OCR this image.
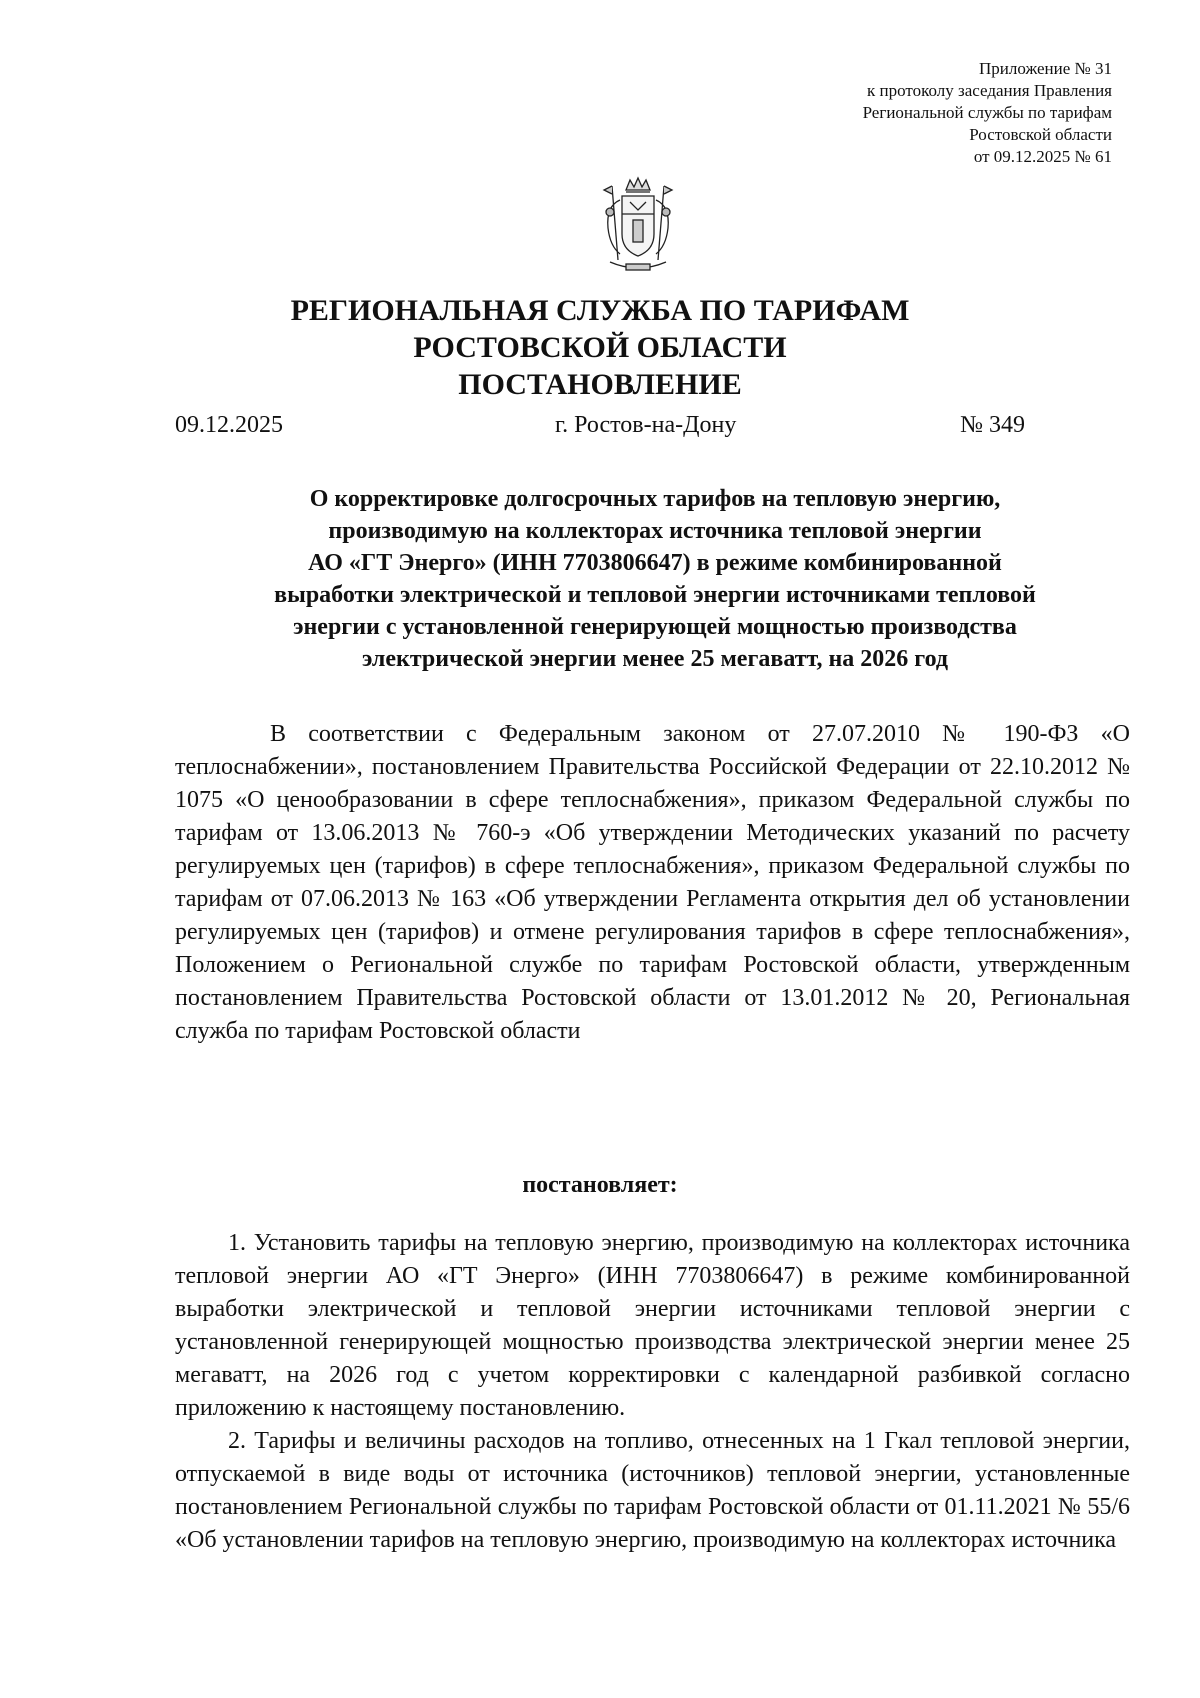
Приложение № 31
к протоколу заседания Правления
Региональной службы по тарифам
Ростовской области
от 09.12.2025 № 61
РЕГИОНАЛЬНАЯ СЛУЖБА ПО ТАРИФАМ
РОСТОВСКОЙ ОБЛАСТИ
ПОСТАНОВЛЕНИЕ
09.12.2025	г. Ростов-на-Дону	№ 349
О корректировке долгосрочных тарифов на тепловую энергию,
производимую на коллекторах источника тепловой энергии
АО «ГТ Энерго» (ИНН 7703806647) в режиме комбинированной
выработки электрической и тепловой энергии источниками тепловой
энергии с установленной генерирующей мощностью производства
электрической энергии менее 25 мегаватт, на 2026 год
В соответствии с Федеральным законом от 27.07.2010 № 190-ФЗ «О теплоснабжении», постановлением Правительства Российской Федерации от 22.10.2012 № 1075 «О ценообразовании в сфере теплоснабжения», приказом Федеральной службы по тарифам от 13.06.2013 № 760-э «Об утверждении Методических указаний по расчету регулируемых цен (тарифов) в сфере теплоснабжения», приказом Федеральной службы по тарифам от 07.06.2013 № 163 «Об утверждении Регламента открытия дел об установлении регулируемых цен (тарифов) и отмене регулирования тарифов в сфере теплоснабжения», Положением о Региональной службе по тарифам Ростовской области, утвержденным постановлением Правительства Ростовской области от 13.01.2012 № 20, Региональная служба по тарифам Ростовской области
постановляет:

1. Установить тарифы на тепловую энергию, производимую на коллекторах источника тепловой энергии АО «ГТ Энерго» (ИНН 7703806647) в режиме комбинированной выработки электрической и тепловой энергии источниками тепловой энергии с установленной генерирующей мощностью производства электрической энергии менее 25 мегаватт, на 2026 год с учетом корректировки с календарной разбивкой согласно приложению к настоящему постановлению.

2. Тарифы и величины расходов на топливо, отнесенных на 1 Гкал тепловой энергии, отпускаемой в виде воды от источника (источников) тепловой энергии, установленные постановлением Региональной службы по тарифам Ростовской области от 01.11.2021 № 55/6 «Об установлении тарифов на тепловую энергию, производимую на коллекторах источника
